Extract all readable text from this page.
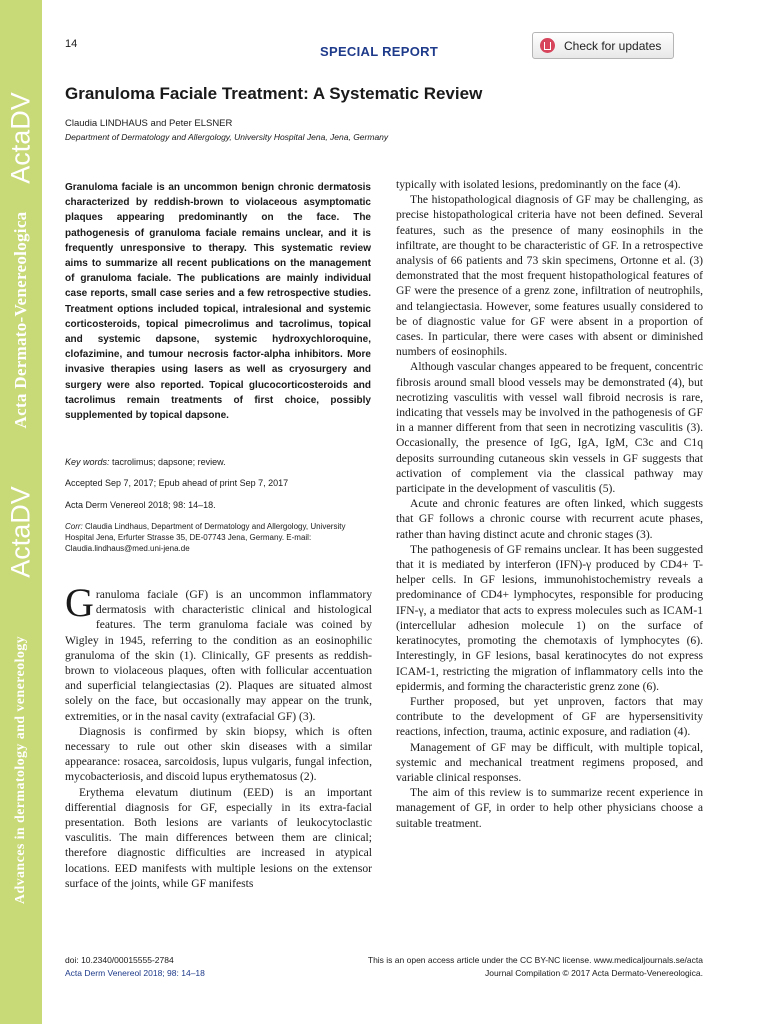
ActaDV
Acta Dermato-Venereologica
ActaDV
Advances in dermatology and venereology
14	SPECIAL REPORT	Check for updates
Granuloma Faciale Treatment: A Systematic Review
Claudia LINDHAUS and Peter ELSNER
Department of Dermatology and Allergology, University Hospital Jena, Jena, Germany
Granuloma faciale is an uncommon benign chronic dermatosis characterized by reddish-brown to violaceous asymptomatic plaques appearing predominantly on the face. The pathogenesis of granuloma faciale remains unclear, and it is frequently unresponsive to therapy. This systematic review aims to summarize all recent publications on the management of granuloma faciale. The publications are mainly individual case reports, small case series and a few retrospective studies. Treatment options included topical, intralesional and systemic corticosteroids, topical pimecrolimus and tacrolimus, topical and systemic dapsone, systemic hydroxychloroquine, clofazimine, and tumour necrosis factor-alpha inhibitors. More invasive therapies using lasers as well as cryosurgery and surgery were also reported. Topical glucocorticosteroids and tacrolimus remain treatments of first choice, possibly supplemented by topical dapsone.
Key words: tacrolimus; dapsone; review.
Accepted Sep 7, 2017; Epub ahead of print Sep 7, 2017
Acta Derm Venereol 2018; 98: 14–18.
Corr: Claudia Lindhaus, Department of Dermatology and Allergology, University Hospital Jena, Erfurter Strasse 35, DE-07743 Jena, Germany. E-mail: Claudia.lindhaus@med.uni-jena.de

Granuloma faciale (GF) is an uncommon inflammatory dermatosis with characteristic clinical and histological features. The term granuloma faciale was coined by Wigley in 1945, referring to the condition as an eosinophilic granuloma of the skin (1). Clinically, GF presents as reddish-brown to violaceous plaques, often with follicular accentuation and superficial telangiectasias (2). Plaques are situated almost solely on the face, but occasionally may appear on the trunk, extremities, or in the nasal cavity (extrafacial GF) (3).

Diagnosis is confirmed by skin biopsy, which is often necessary to rule out other skin diseases with a similar appearance: rosacea, sarcoidosis, lupus vulgaris, fungal infection, mycobacteriosis, and discoid lupus erythematosus (2).

Erythema elevatum diutinum (EED) is an important differential diagnosis for GF, especially in its extra-facial presentation. Both lesions are variants of leukocytoclastic vasculitis. The main differences between them are clinical; therefore diagnostic difficulties are increased in atypical locations. EED manifests with multiple lesions on the extensor surface of the joints, while GF manifests

typically with isolated lesions, predominantly on the face (4).

The histopathological diagnosis of GF may be challenging, as precise histopathological criteria have not been defined. Several features, such as the presence of many eosinophils in the infiltrate, are thought to be characteristic of GF. In a retrospective analysis of 66 patients and 73 skin specimens, Ortonne et al. (3) demonstrated that the most frequent histopathological features of GF were the presence of a grenz zone, infiltration of neutrophils, and telangiectasia. However, some features usually considered to be of diagnostic value for GF were absent in a proportion of cases. In particular, there were cases with absent or diminished numbers of eosinophils.

Although vascular changes appeared to be frequent, concentric fibrosis around small blood vessels may be demonstrated (4), but necrotizing vasculitis with vessel wall fibroid necrosis is rare, indicating that vessels may be involved in the pathogenesis of GF in a manner different from that seen in necrotizing vasculitis (3). Occasionally, the presence of IgG, IgA, IgM, C3c and C1q deposits surrounding cutaneous skin vessels in GF suggests that activation of complement via the classical pathway may participate in the development of vasculitis (5).

Acute and chronic features are often linked, which suggests that GF follows a chronic course with recurrent acute phases, rather than having distinct acute and chronic stages (3).

The pathogenesis of GF remains unclear. It has been suggested that it is mediated by interferon (IFN)-γ produced by CD4+ T-helper cells. In GF lesions, immunohistochemistry reveals a predominance of CD4+ lymphocytes, responsible for producing IFN-γ, a mediator that acts to express molecules such as ICAM-1 (intercellular adhesion molecule 1) on the surface of keratinocytes, promoting the chemotaxis of lymphocytes (6). Interestingly, in GF lesions, basal keratinocytes do not express ICAM-1, restricting the migration of inflammatory cells into the epidermis, and forming the characteristic grenz zone (6).

Further proposed, but yet unproven, factors that may contribute to the development of GF are hypersensitivity reactions, infection, trauma, actinic exposure, and radiation (4).

Management of GF may be difficult, with multiple topical, systemic and mechanical treatment regimens proposed, and variable clinical responses.

The aim of this review is to summarize recent experience in management of GF, in order to help other physicians choose a suitable treatment.

doi: 10.2340/00015555-2784
Acta Derm Venereol 2018; 98: 14–18
This is an open access article under the CC BY-NC license. www.medicaljournals.se/acta
Journal Compilation © 2017 Acta Dermato-Venereologica.
